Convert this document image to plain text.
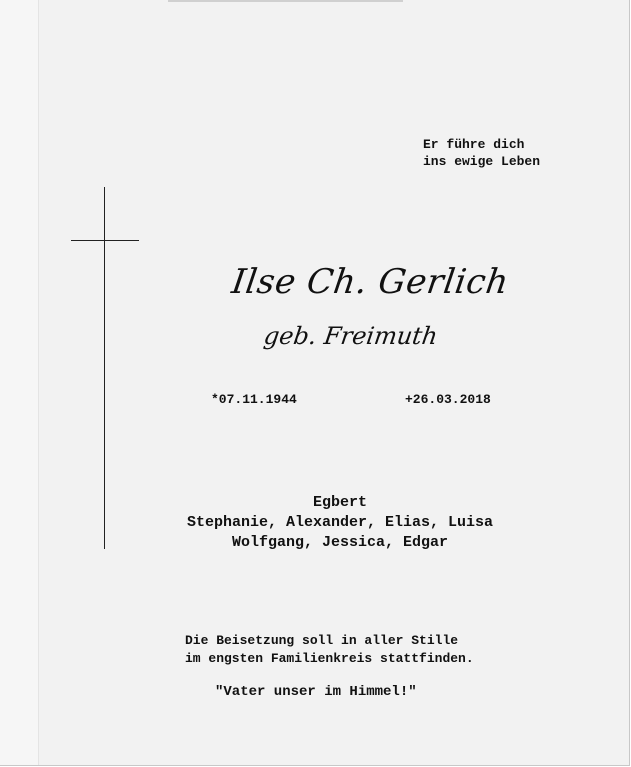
Er führe dich
ins ewige Leben
Ilse Ch. Gerlich
geb. Freimuth
*07.11.1944	+26.03.2018
Egbert
Stephanie, Alexander, Elias, Luisa
Wolfgang, Jessica, Edgar
Die Beisetzung soll in aller Stille
im engsten Familienkreis stattfinden.
"Vater unser im Himmel!"
